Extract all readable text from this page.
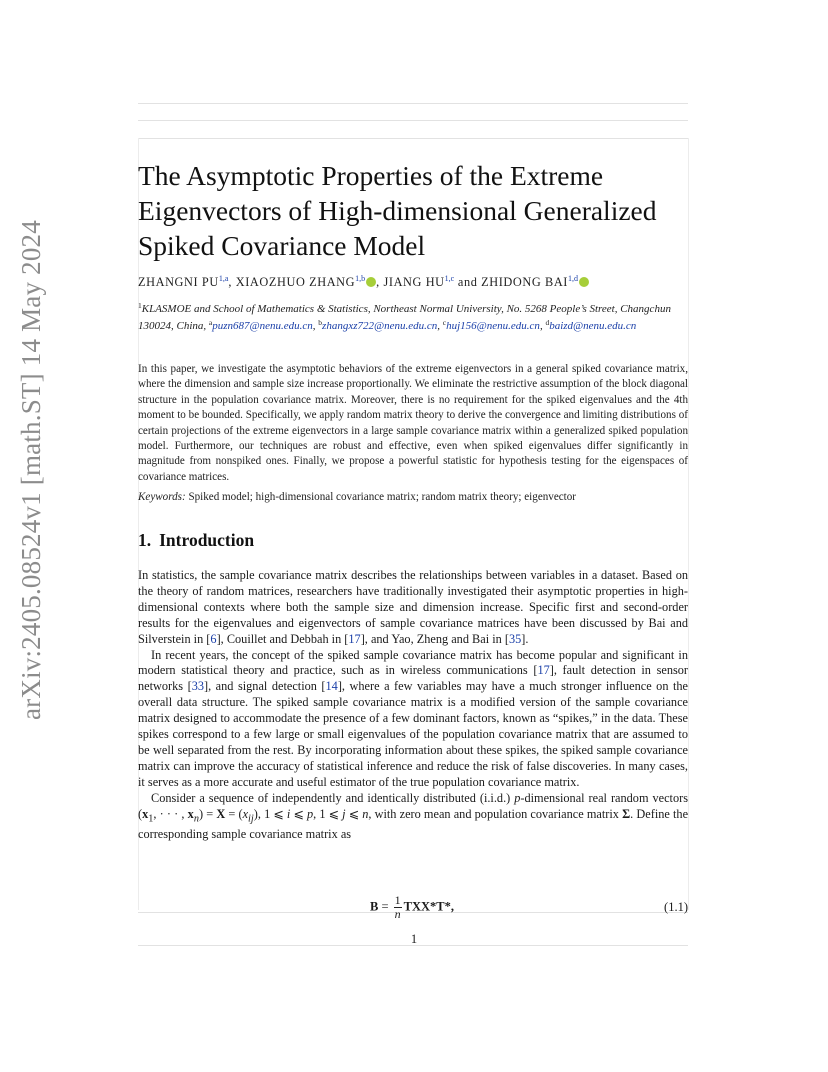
arXiv:2405.08524v1 [math.ST] 14 May 2024
The Asymptotic Properties of the Extreme Eigenvectors of High-dimensional Generalized Spiked Covariance Model
ZHANGNI PU$^{1,a}$, XIAOZHUO ZHANG$^{1,b}$ , JIANG HU$^{1,c}$ and ZHIDONG BAI$^{1,d}$
$^1$KLASMOE and School of Mathematics & Statistics, Northeast Normal University, No. 5268 People’s Street, Changchun 130024, China, $^a$puzn687@nenu.edu.cn, $^b$zhangxz722@nenu.edu.cn, $^c$huj156@nenu.edu.cn, $^d$baizd@nenu.edu.cn
In this paper, we investigate the asymptotic behaviors of the extreme eigenvectors in a general spiked covariance matrix, where the dimension and sample size increase proportionally. We eliminate the restrictive assumption of the block diagonal structure in the population covariance matrix. Moreover, there is no requirement for the spiked eigenvalues and the 4th moment to be bounded. Specifically, we apply random matrix theory to derive the convergence and limiting distributions of certain projections of the extreme eigenvectors in a large sample covariance matrix within a generalized spiked population model. Furthermore, our techniques are robust and effective, even when spiked eigenvalues differ significantly in magnitude from nonspiked ones. Finally, we propose a powerful statistic for hypothesis testing for the eigenspaces of covariance matrices.
Keywords: Spiked model; high-dimensional covariance matrix; random matrix theory; eigenvector
1. Introduction

In statistics, the sample covariance matrix describes the relationships between variables in a dataset. Based on the theory of random matrices, researchers have traditionally investigated their asymptotic properties in high-dimensional contexts where both the sample size and dimension increase. Specific first and second-order results for the eigenvalues and eigenvectors of sample covariance matrices have been discussed by Bai and Silverstein in [6], Couillet and Debbah in [17], and Yao, Zheng and Bai in [35].

In recent years, the concept of the spiked sample covariance matrix has become popular and significant in modern statistical theory and practice, such as in wireless communications [17], fault detection in sensor networks [33], and signal detection [14], where a few variables may have a much stronger influence on the overall data structure. The spiked sample covariance matrix is a modified version of the sample covariance matrix designed to accommodate the presence of a few dominant factors, known as “spikes,” in the data. These spikes correspond to a few large or small eigenvalues of the population covariance matrix that are assumed to be well separated from the rest. By incorporating information about these spikes, the spiked sample covariance matrix can improve the accuracy of statistical inference and reduce the risk of false discoveries. In many cases, it serves as a more accurate and useful estimator of the true population covariance matrix.

Consider a sequence of independently and identically distributed (i.i.d.) p-dimensional real random vectors ($x_1$, · · · , $x_n) = X = (x_{ij})$, 1 ⩽ i ⩽ p, 1 ⩽ j ⩽ n, with zero mean and population covariance matrix Σ. Define the corresponding sample covariance matrix as

$B = \frac{1}{n} TXX*T*$,	(1.1)
1
